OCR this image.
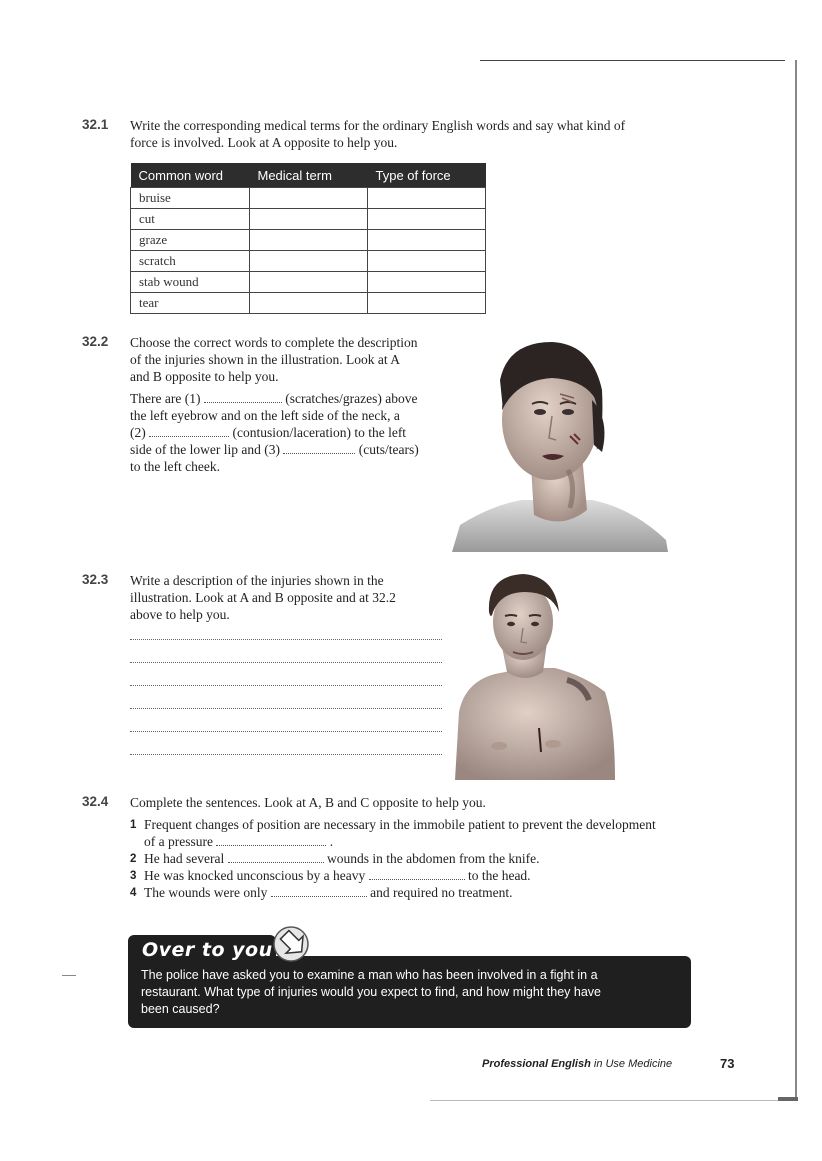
32.1 Write the corresponding medical terms for the ordinary English words and say what kind of
force is involved. Look at A opposite to help you.
Common word	Medical term	Type of force
bruise		
cut		
graze		
scratch		
stab wound		
tear		
32.2 Choose the correct words to complete the description
of the injuries shown in the illustration. Look at A
and B opposite to help you.
There are (1)	(scratches/grazes) above
the left eyebrow and on the left side of the neck, a
(2)	(contusion/laceration) to the left
side of the lower lip and (3)	(cuts/tears)
to the left cheek.
32.3 Write a description of the injuries shown in the
illustration. Look at A and B opposite and at 32.2
above to help you.
32.4 Complete the sentences. Look at A, B and C opposite to help you.
1 Frequent changes of position are necessary in the immobile patient to prevent the development
of a pressure	.
2 He had several	wounds in the abdomen from the knife.
3 He was knocked unconscious by a heavy	to the head.
4 The wounds were only	and required no treatment.
Over to you
The police have asked you to examine a man who has been involved in a fight in a
restaurant. What type of injuries would you expect to find, and how might they have
been caused?
Professional English in Use Medicine	73
